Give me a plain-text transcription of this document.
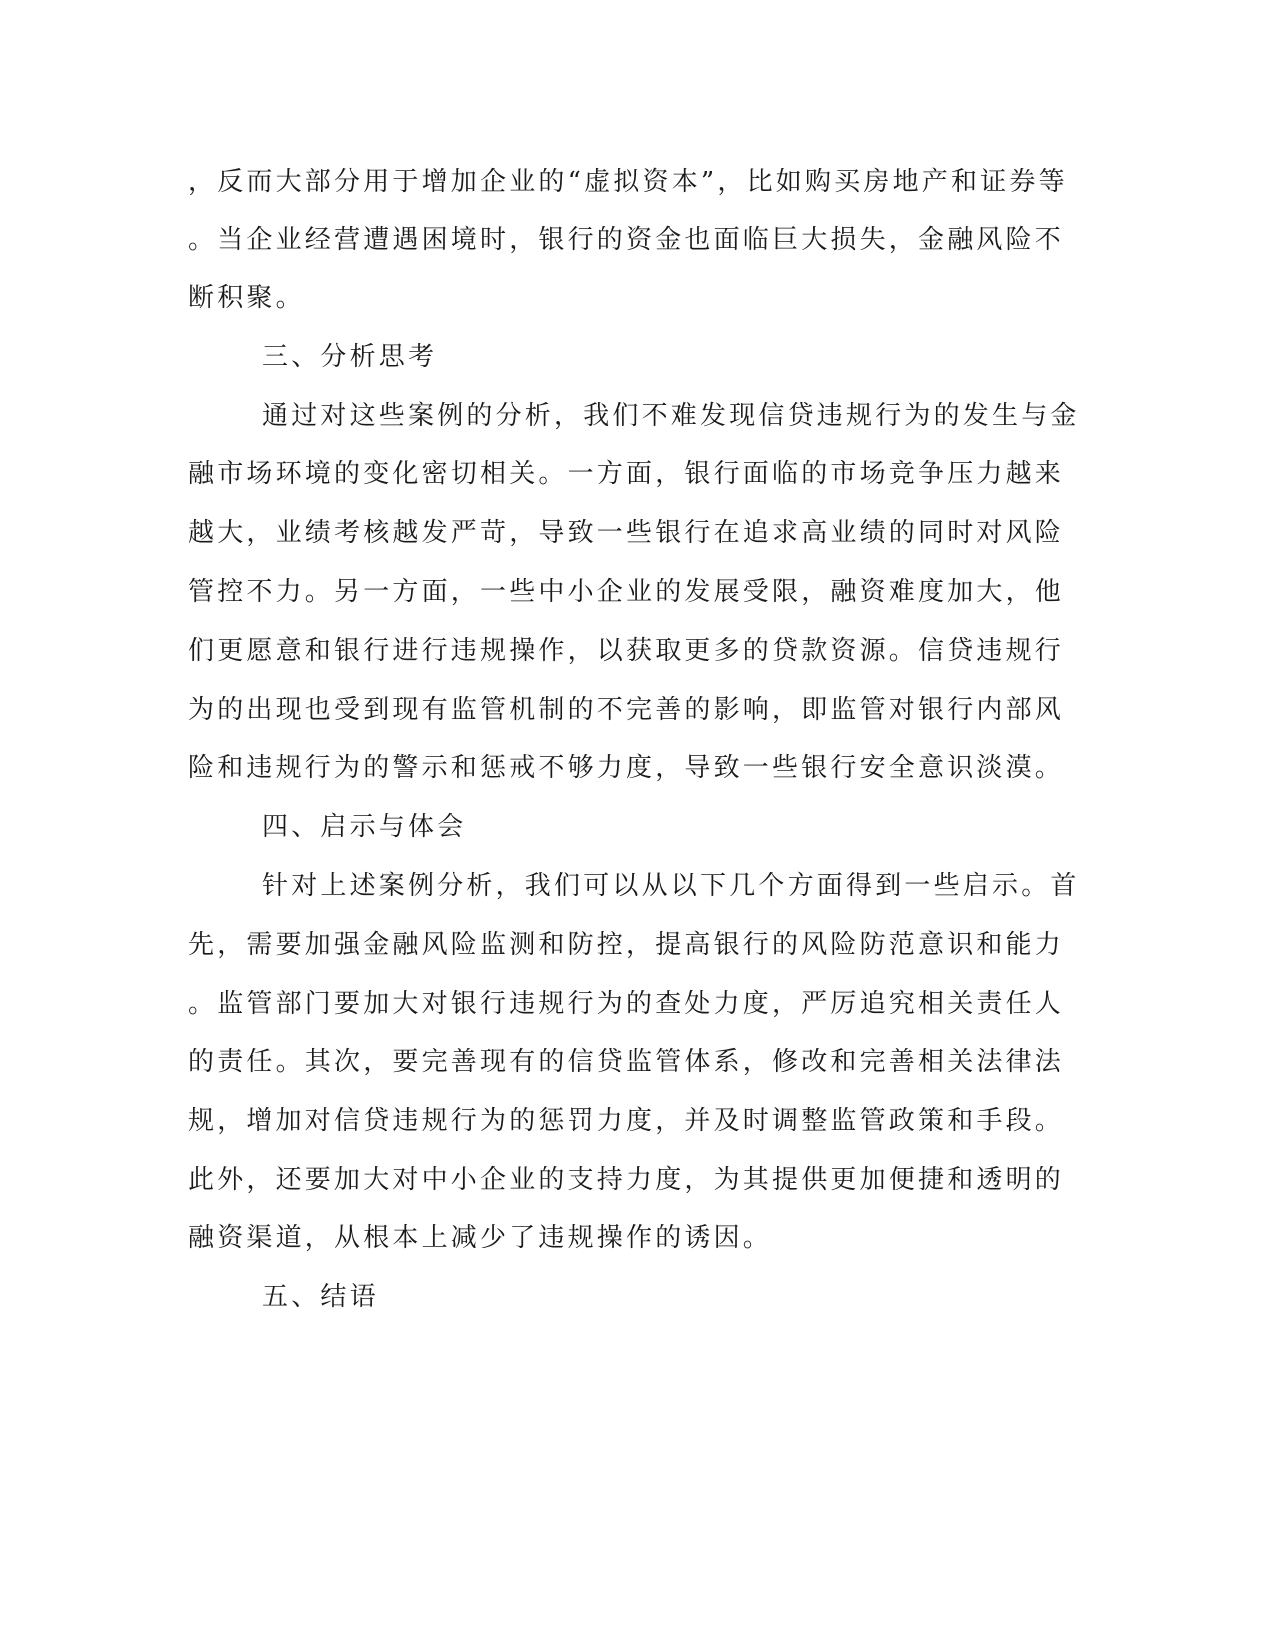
，反而大部分用于增加企业的“虚拟资本”，比如购买房地产和证券等
。当企业经营遭遇困境时，银行的资金也面临巨大损失，金融风险不
断积聚。
三、分析思考
通过对这些案例的分析，我们不难发现信贷违规行为的发生与金
融市场环境的变化密切相关。一方面，银行面临的市场竞争压力越来
越大，业绩考核越发严苛，导致一些银行在追求高业绩的同时对风险
管控不力。另一方面，一些中小企业的发展受限，融资难度加大，他
们更愿意和银行进行违规操作，以获取更多的贷款资源。信贷违规行
为的出现也受到现有监管机制的不完善的影响，即监管对银行内部风
险和违规行为的警示和惩戒不够力度，导致一些银行安全意识淡漠。
四、启示与体会
针对上述案例分析，我们可以从以下几个方面得到一些启示。首
先，需要加强金融风险监测和防控，提高银行的风险防范意识和能力
。监管部门要加大对银行违规行为的查处力度，严厉追究相关责任人
的责任。其次，要完善现有的信贷监管体系，修改和完善相关法律法
规，增加对信贷违规行为的惩罚力度，并及时调整监管政策和手段。
此外，还要加大对中小企业的支持力度，为其提供更加便捷和透明的
融资渠道，从根本上减少了违规操作的诱因。
五、结语
